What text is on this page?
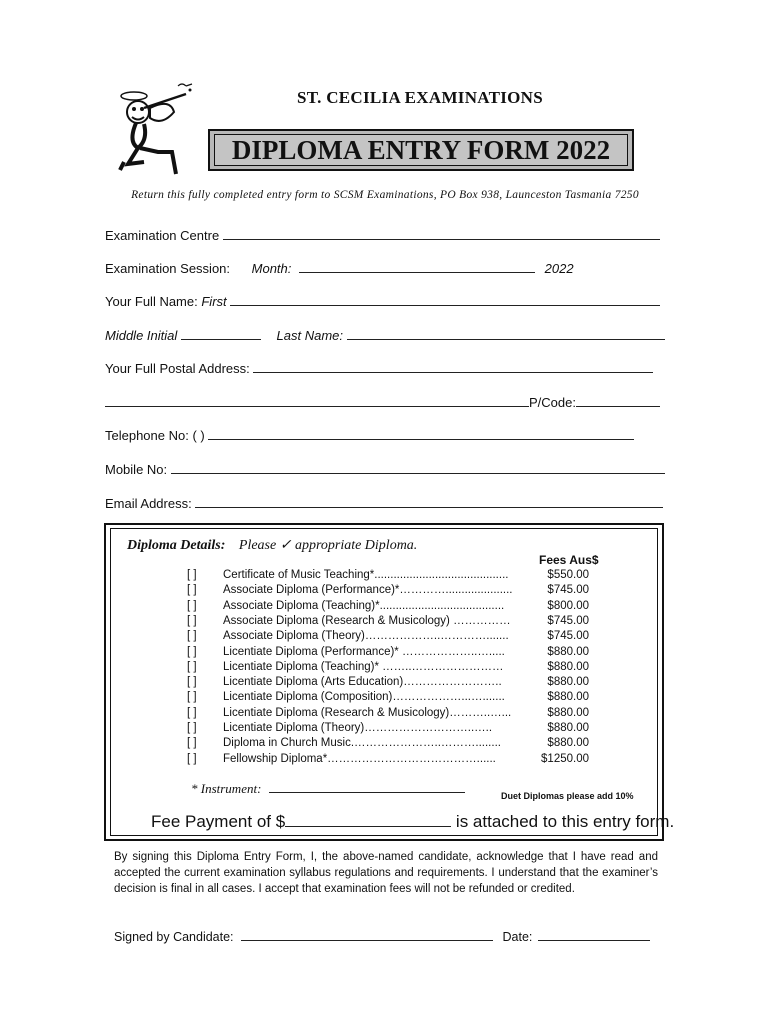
ST. CECILIA EXAMINATIONS
DIPLOMA ENTRY FORM 2022
Return this fully completed entry form to SCSM Examinations, PO Box 938, Launceston Tasmania 7250
Examination Centre
Examination Session: Month:	2022
Your Full Name: First
Middle Initial	Last Name:
Your Full Postal Address:
P/Code:
Telephone No: ( )
Mobile No:
Email Address:
Diploma Details: Please ✓ appropriate Diploma.
Fees Aus$
[ ] Certificate of Music Teaching*..........................................	$550.00
[ ] Associate Diploma (Performance)*………….....................	$745.00
[ ] Associate Diploma (Teaching)*.......................................	$800.00
[ ] Associate Diploma (Research & Musicology) ……………	$745.00
[ ] Associate Diploma (Theory)………………..………….......	$745.00
[ ] Licentiate Diploma (Performance)* ………………..….....	$880.00
[ ] Licentiate Diploma (Teaching)* ……..……………………	$880.00
[ ] Licentiate Diploma (Arts Education)……………………..	$880.00
[ ] Licentiate Diploma (Composition)………………...….......	$880.00
[ ] Licentiate Diploma (Research & Musicology)………..…...	$880.00
[ ] Licentiate Diploma (Theory)………………………..…..	$880.00
[ ] Diploma in Church Music.…………………..………........	$880.00
[ ] Fellowship Diploma*…………………………………......	$1250.00
* Instrument:	Duet Diplomas please add 10%
Fee Payment of $	is attached to this entry form.
By signing this Diploma Entry Form, I, the above-named candidate, acknowledge that I have read and accepted the current examination syllabus regulations and requirements. I understand that the examiner’s decision is final in all cases. I accept that examination fees will not be refunded or credited.
Signed by Candidate:	Date:
